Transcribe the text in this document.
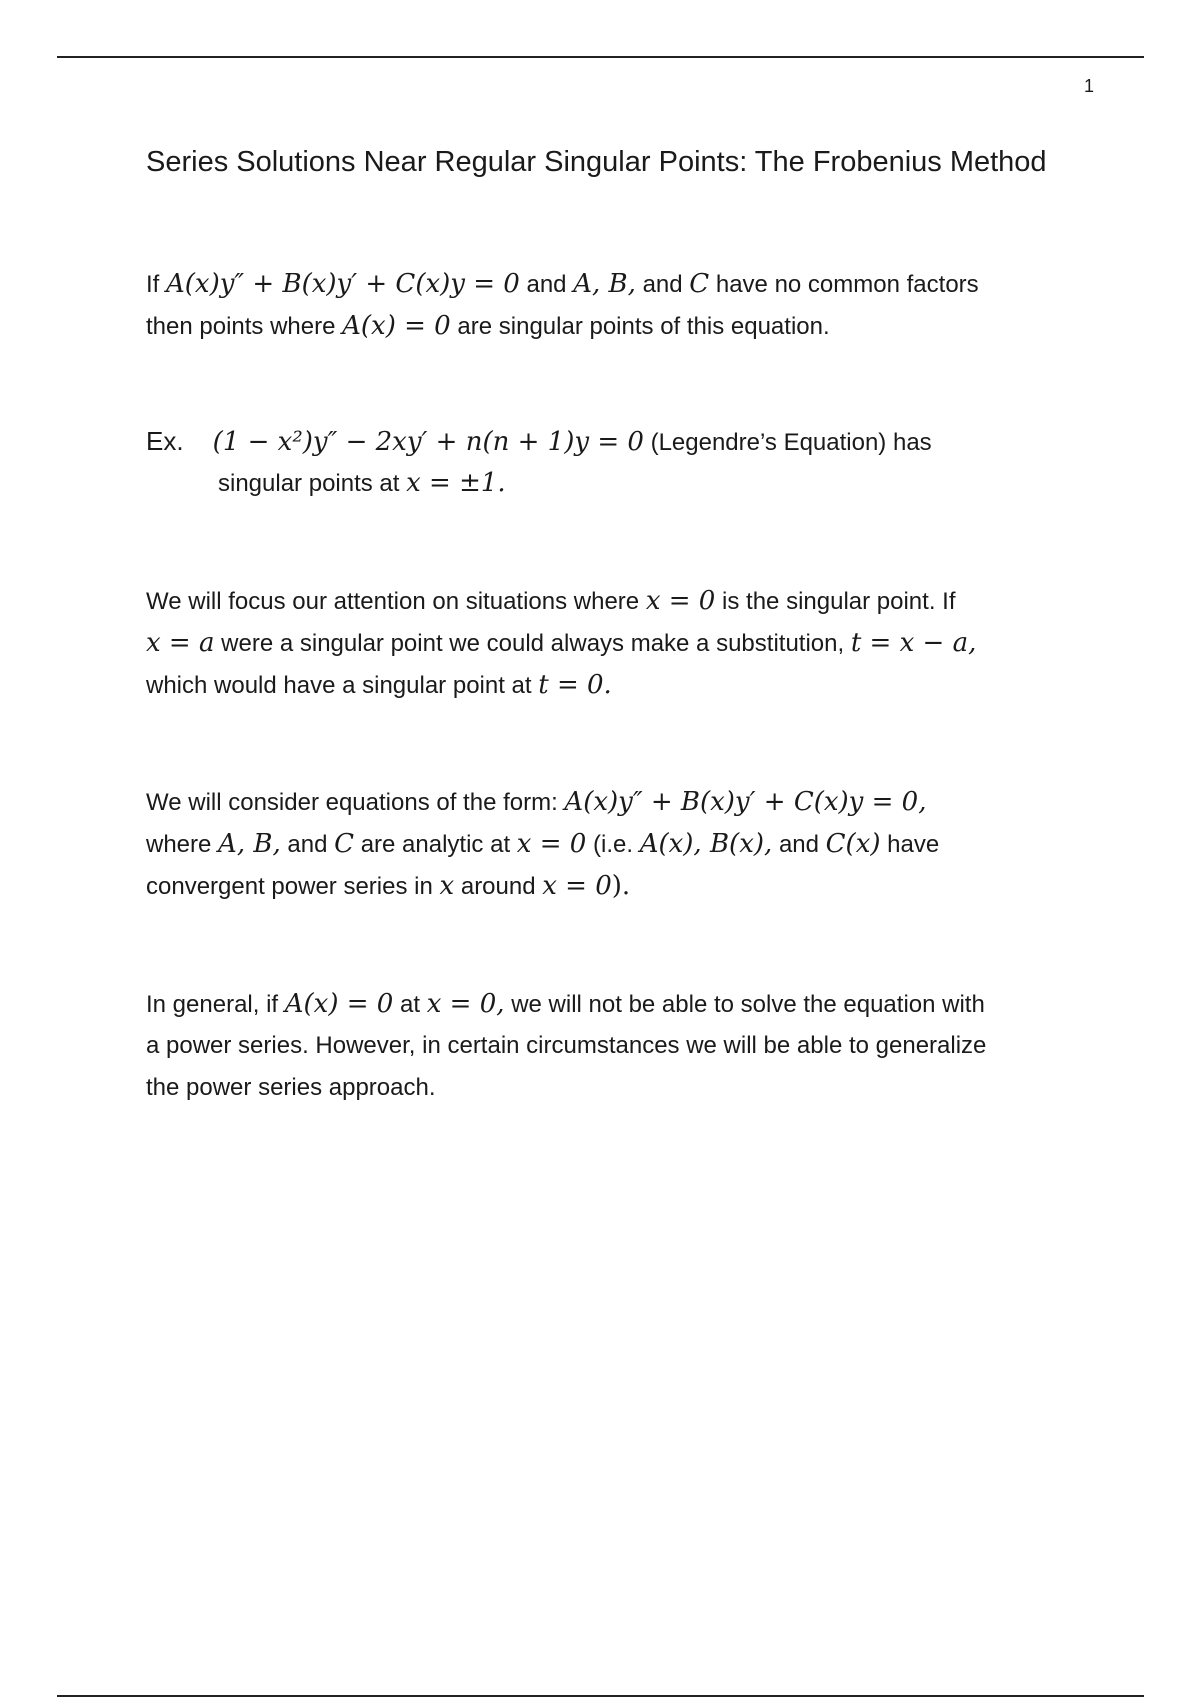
1
Series Solutions Near Regular Singular Points: The Frobenius Method
If A(x)y″ + B(x)y′ + C(x)y = 0 and A, B, and C have no common factors
then points where A(x) = 0 are singular points of this equation.
Ex. (1 − x²)y″ − 2xy′ + n(n + 1)y = 0 (Legendre’s Equation) has
singular points at x = ±1.
We will focus our attention on situations where x = 0 is the singular point. If
x = a were a singular point we could always make a substitution, t = x − a,
which would have a singular point at t = 0.
We will consider equations of the form: A(x)y″ + B(x)y′ + C(x)y = 0,
where A, B, and C are analytic at x = 0 (i.e. A(x), B(x), and C(x) have
convergent power series in x around x = 0).
In general, if A(x) = 0 at x = 0, we will not be able to solve the equation with
a power series. However, in certain circumstances we will be able to generalize
the power series approach.
